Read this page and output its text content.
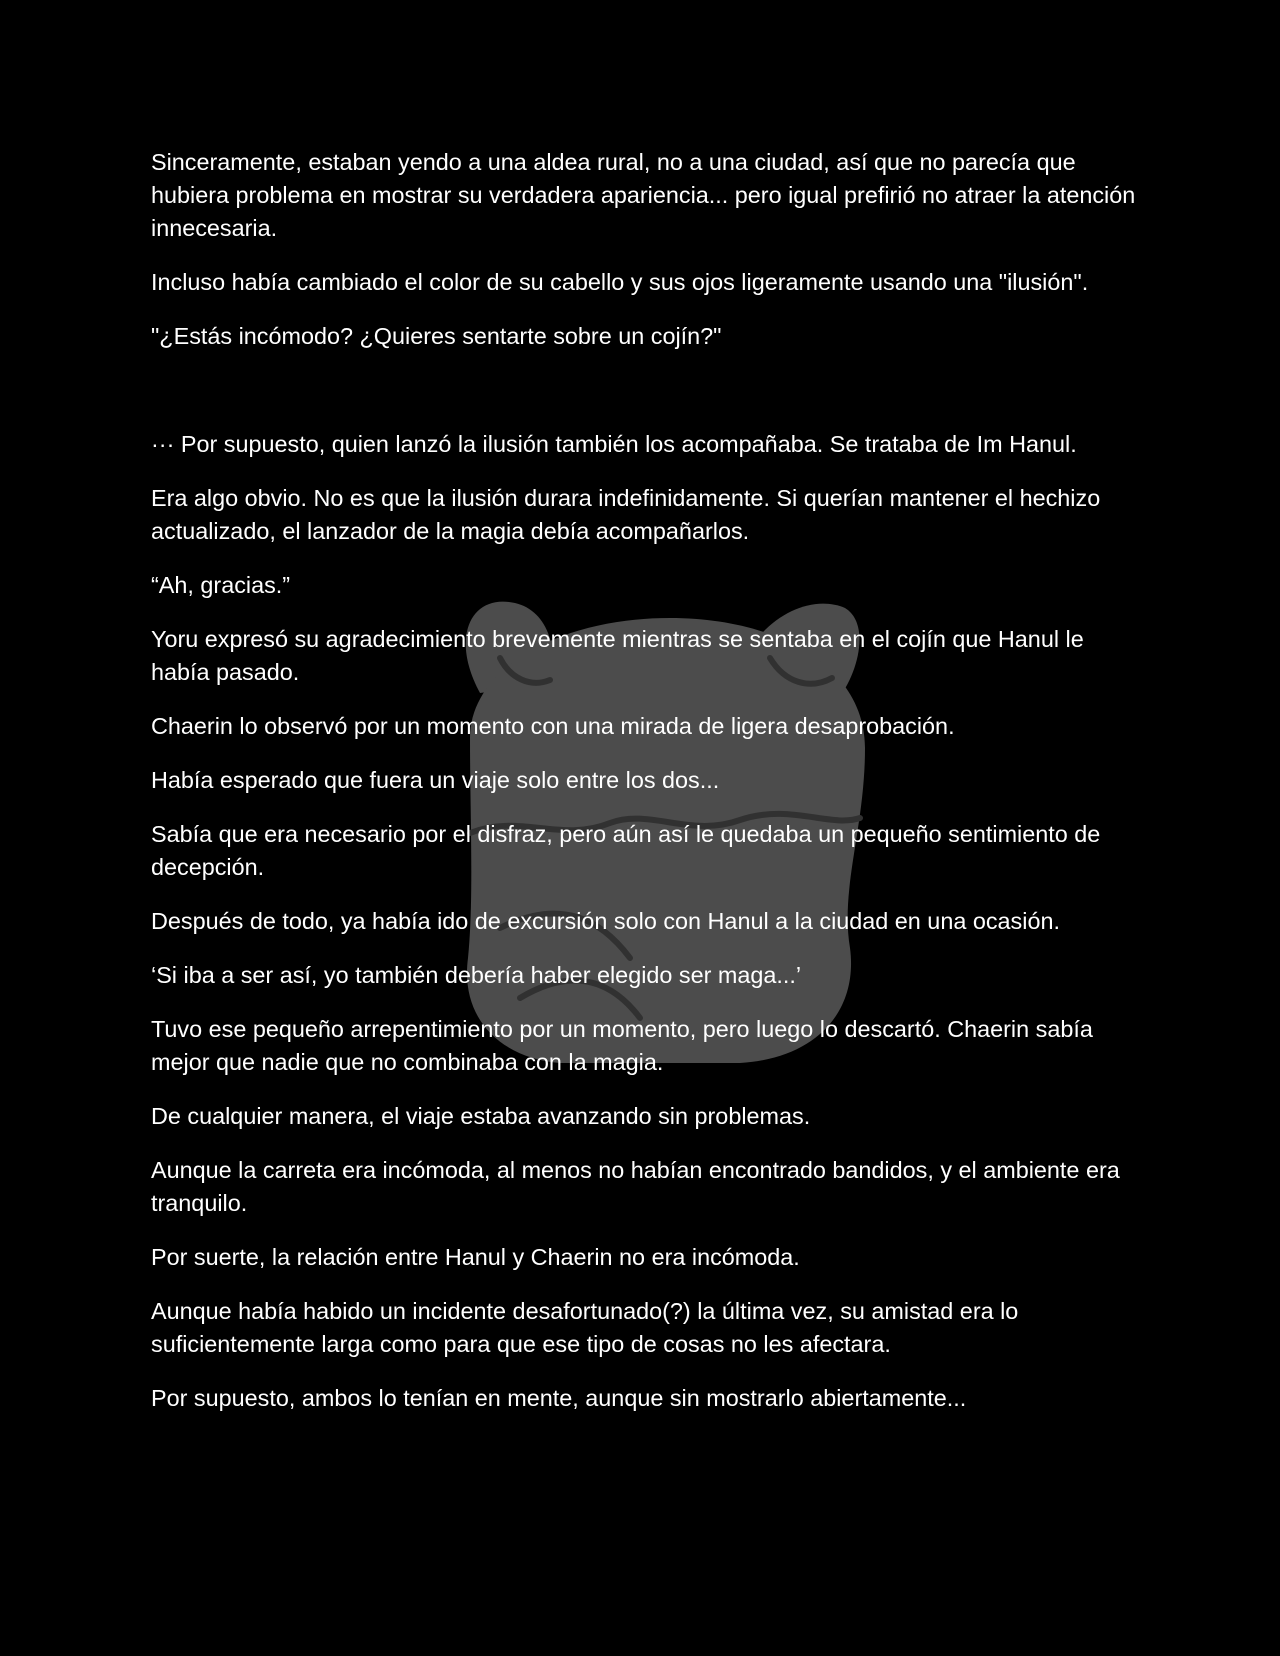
Sinceramente, estaban yendo a una aldea rural, no a una ciudad, así que no parecía que hubiera problema en mostrar su verdadera apariencia... pero igual prefirió no atraer la atención innecesaria.

Incluso había cambiado el color de su cabello y sus ojos ligeramente usando una "ilusión".

"¿Estás incómodo? ¿Quieres sentarte sobre un cojín?"

··· Por supuesto, quien lanzó la ilusión también los acompañaba. Se trataba de Im Hanul.

Era algo obvio. No es que la ilusión durara indefinidamente. Si querían mantener el hechizo actualizado, el lanzador de la magia debía acompañarlos.

“Ah, gracias.”

Yoru expresó su agradecimiento brevemente mientras se sentaba en el cojín que Hanul le había pasado.

Chaerin lo observó por un momento con una mirada de ligera desaprobación.

Había esperado que fuera un viaje solo entre los dos...

Sabía que era necesario por el disfraz, pero aún así le quedaba un pequeño sentimiento de decepción.

Después de todo, ya había ido de excursión solo con Hanul a la ciudad en una ocasión.

‘Si iba a ser así, yo también debería haber elegido ser maga...’

Tuvo ese pequeño arrepentimiento por un momento, pero luego lo descartó. Chaerin sabía mejor que nadie que no combinaba con la magia.

De cualquier manera, el viaje estaba avanzando sin problemas.

Aunque la carreta era incómoda, al menos no habían encontrado bandidos, y el ambiente era tranquilo.

Por suerte, la relación entre Hanul y Chaerin no era incómoda.

Aunque había habido un incidente desafortunado(?) la última vez, su amistad era lo suficientemente larga como para que ese tipo de cosas no les afectara.

Por supuesto, ambos lo tenían en mente, aunque sin mostrarlo abiertamente...
